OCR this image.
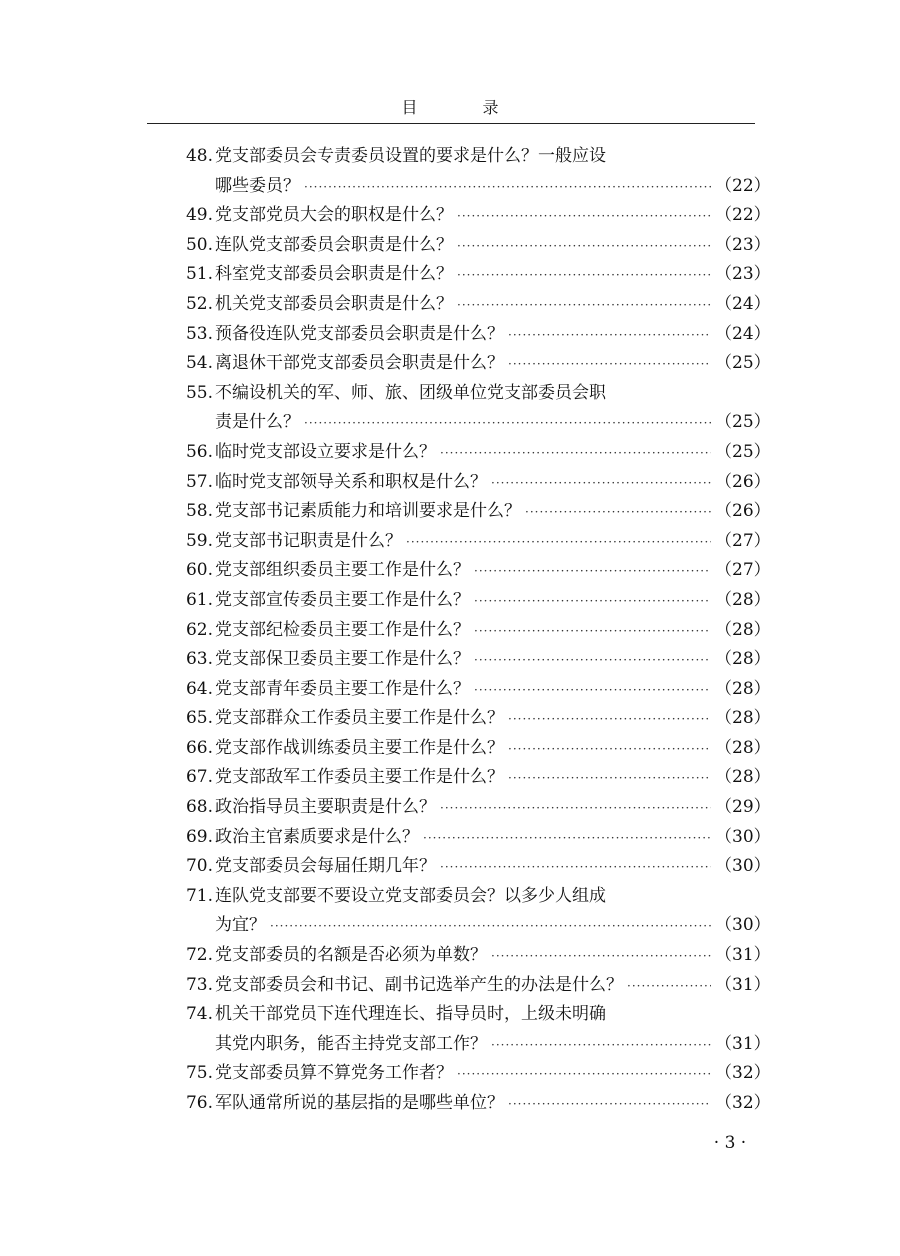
目 录
48. 党支部委员会专责委员设置的要求是什么？一般应设
哪些委员？ ·····	（22）
49. 党支部党员大会的职权是什么？ ·····	（22）
50. 连队党支部委员会职责是什么？ ·····	（23）
51. 科室党支部委员会职责是什么？ ·····	（23）
52. 机关党支部委员会职责是什么？ ·····	（24）
53. 预备役连队党支部委员会职责是什么？ ·····	（24）
54. 离退休干部党支部委员会职责是什么？ ·····	（25）
55. 不编设机关的军、师、旅、团级单位党支部委员会职
责是什么？ ·····	（25）
56. 临时党支部设立要求是什么？ ·····	（25）
57. 临时党支部领导关系和职权是什么？ ·····	（26）
58. 党支部书记素质能力和培训要求是什么？ ·····	（26）
59. 党支部书记职责是什么？ ·····	（27）
60. 党支部组织委员主要工作是什么？ ·····	（27）
61. 党支部宣传委员主要工作是什么？ ·····	（28）
62. 党支部纪检委员主要工作是什么？ ·····	（28）
63. 党支部保卫委员主要工作是什么？ ·····	（28）
64. 党支部青年委员主要工作是什么？ ·····	（28）
65. 党支部群众工作委员主要工作是什么？ ·····	（28）
66. 党支部作战训练委员主要工作是什么？ ·····	（28）
67. 党支部敌军工作委员主要工作是什么？ ·····	（28）
68. 政治指导员主要职责是什么？ ·····	（29）
69. 政治主官素质要求是什么？ ·····	（30）
70. 党支部委员会每届任期几年？ ·····	（30）
71. 连队党支部要不要设立党支部委员会？以多少人组成
为宜？ ·····	（30）
72. 党支部委员的名额是否必须为单数？ ·····	（31）
73. 党支部委员会和书记、副书记选举产生的办法是什么？ ·····	（31）
74. 机关干部党员下连代理连长、指导员时，上级未明确
其党内职务，能否主持党支部工作？ ·····	（31）
75. 党支部委员算不算党务工作者？ ·····	（32）
76. 军队通常所说的基层指的是哪些单位？ ·····	（32）
· 3 ·
